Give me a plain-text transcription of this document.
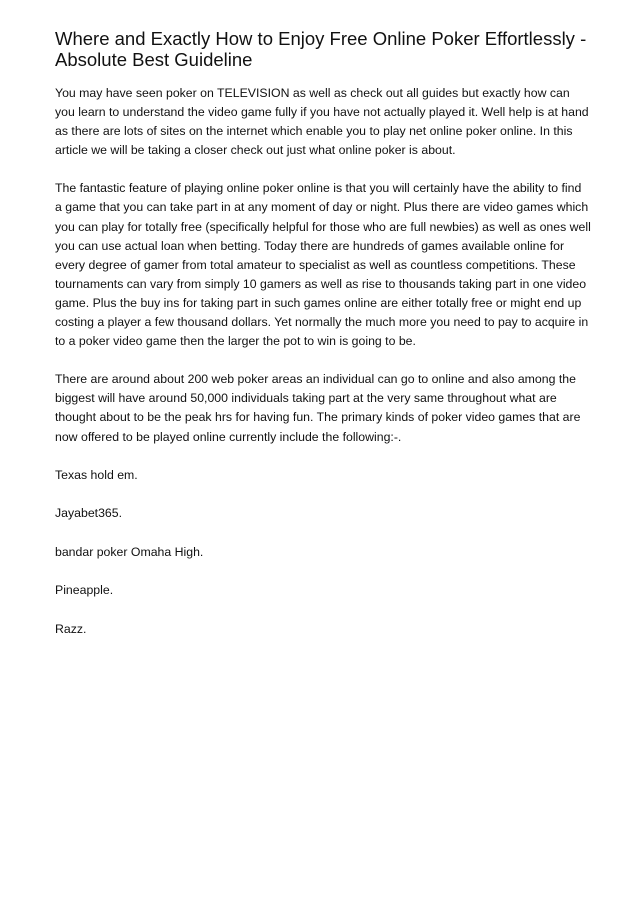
Where and Exactly How to Enjoy Free Online Poker Effortlessly - Absolute Best Guideline

You may have seen poker on TELEVISION as well as check out all guides but exactly how can you learn to understand the video game fully if you have not actually played it. Well help is at hand as there are lots of sites on the internet which enable you to play net online poker online. In this article we will be taking a closer check out just what online poker is about.

The fantastic feature of playing online poker online is that you will certainly have the ability to find a game that you can take part in at any moment of day or night. Plus there are video games which you can play for totally free (specifically helpful for those who are full newbies) as well as ones well you can use actual loan when betting. Today there are hundreds of games available online for every degree of gamer from total amateur to specialist as well as countless competitions. These tournaments can vary from simply 10 gamers as well as rise to thousands taking part in one video game. Plus the buy ins for taking part in such games online are either totally free or might end up costing a player a few thousand dollars. Yet normally the much more you need to pay to acquire in to a poker video game then the larger the pot to win is going to be.

There are around about 200 web poker areas an individual can go to online and also among the biggest will have around 50,000 individuals taking part at the very same throughout what are thought about to be the peak hrs for having fun. The primary kinds of poker video games that are now offered to be played online currently include the following:-.

Texas hold em.

Jayabet365.

bandar poker Omaha High.

Pineapple.

Razz.
